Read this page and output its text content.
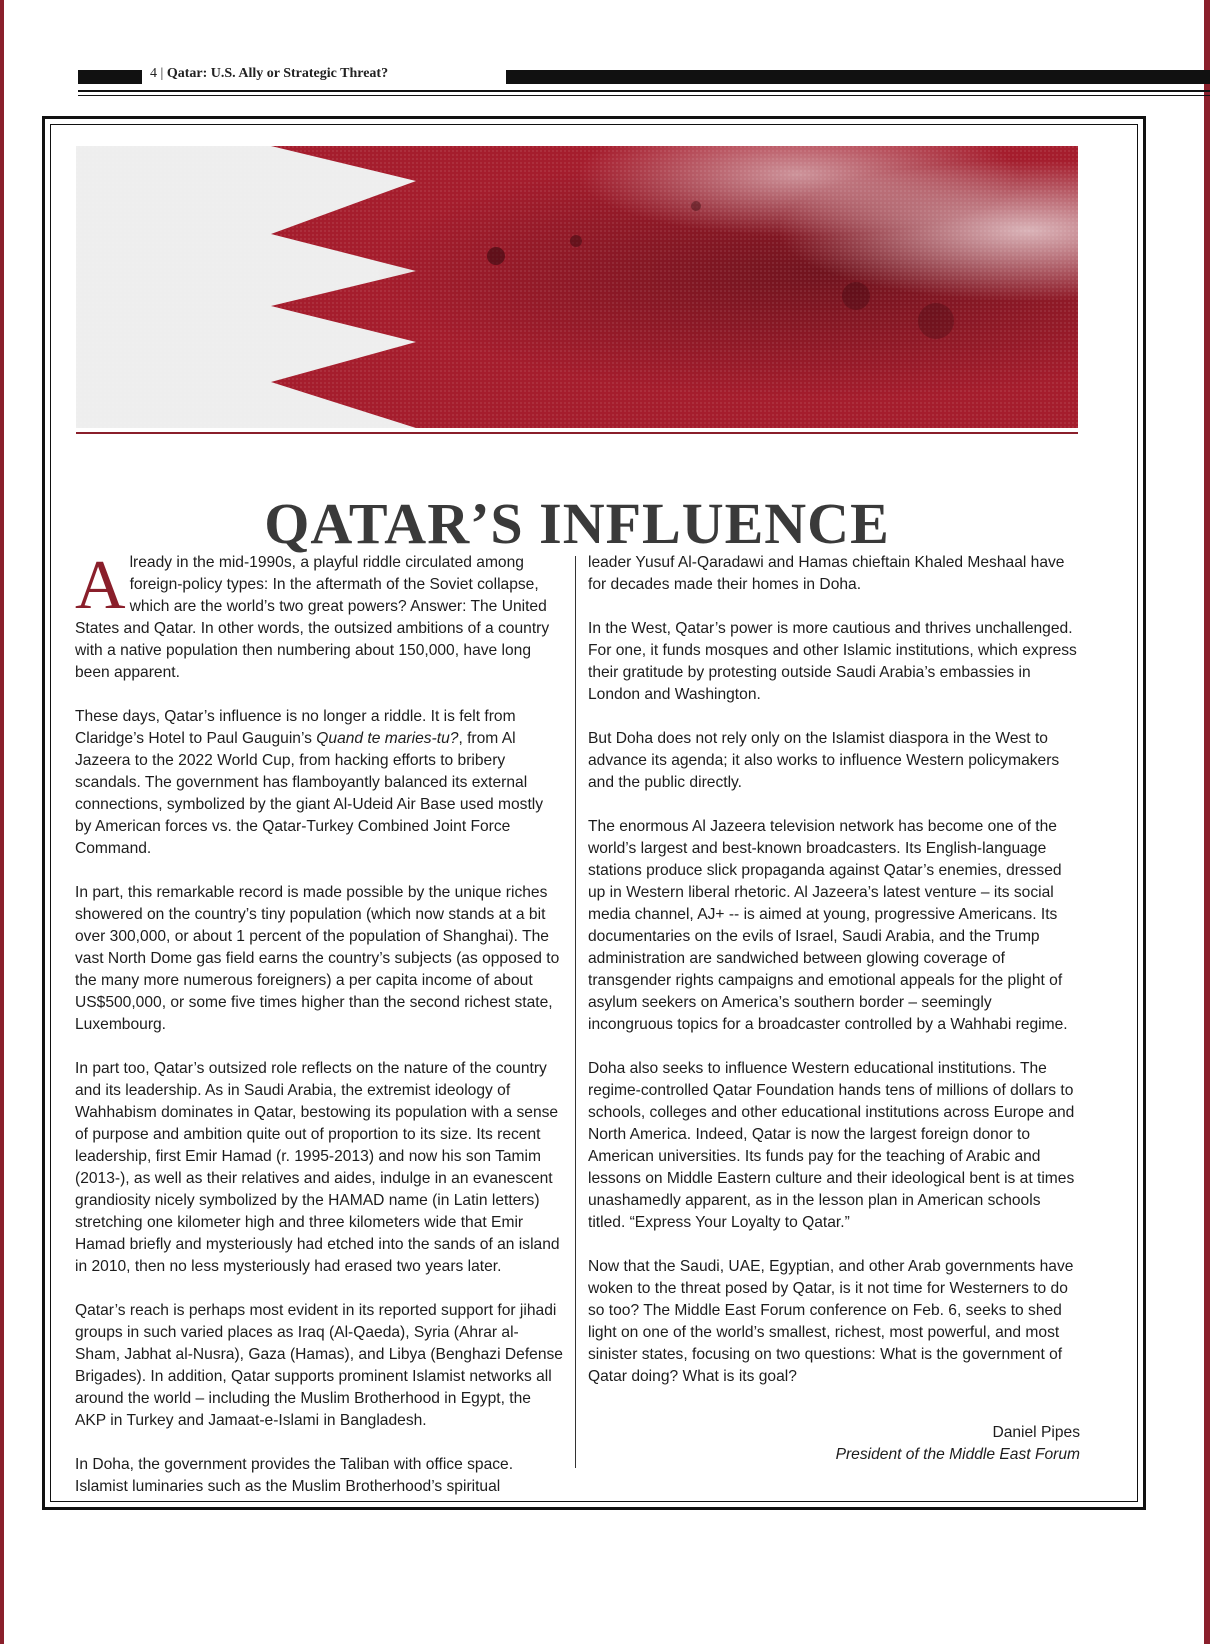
4 | Qatar: U.S. Ally or Strategic Threat?
QATAR’S INFLUENCE

Already in the mid-1990s, a playful riddle circulated among foreign-policy types: In the aftermath of the Soviet collapse, which are the world’s two great powers? Answer: The United States and Qatar. In other words, the outsized ambitions of a country with a native population then numbering about 150,000, have long been apparent.

These days, Qatar’s influence is no longer a riddle. It is felt from Claridge’s Hotel to Paul Gauguin’s Quand te maries-tu?, from Al Jazeera to the 2022 World Cup, from hacking efforts to bribery scandals. The government has flamboyantly balanced its external connections, symbolized by the giant Al-Udeid Air Base used mostly by American forces vs. the Qatar-Turkey Combined Joint Force Command.

In part, this remarkable record is made possible by the unique riches showered on the country’s tiny population (which now stands at a bit over 300,000, or about 1 percent of the population of Shanghai). The vast North Dome gas field earns the country’s subjects (as opposed to the many more numerous foreigners) a per capita income of about US$500,000, or some five times higher than the second richest state, Luxembourg.

In part too, Qatar’s outsized role reflects on the nature of the country and its leadership. As in Saudi Arabia, the extremist ideology of Wahhabism dominates in Qatar, bestowing its population with a sense of purpose and ambition quite out of proportion to its size. Its recent leadership, first Emir Hamad (r. 1995-2013) and now his son Tamim (2013-), as well as their relatives and aides, indulge in an evanescent grandiosity nicely symbolized by the HAMAD name (in Latin letters) stretching one kilometer high and three kilometers wide that Emir Hamad briefly and mysteriously had etched into the sands of an island in 2010, then no less mysteriously had erased two years later.

Qatar’s reach is perhaps most evident in its reported support for jihadi groups in such varied places as Iraq (Al-Qaeda), Syria (Ahrar al-Sham, Jabhat al-Nusra), Gaza (Hamas), and Libya (Benghazi Defense Brigades). In addition, Qatar supports prominent Islamist networks all around the world – including the Muslim Brotherhood in Egypt, the AKP in Turkey and Jamaat-e-Islami in Bangladesh.

In Doha, the government provides the Taliban with office space. Islamist luminaries such as the Muslim Brotherhood’s spiritual

leader Yusuf Al-Qaradawi and Hamas chieftain Khaled Meshaal have for decades made their homes in Doha.

In the West, Qatar’s power is more cautious and thrives unchallenged. For one, it funds mosques and other Islamic institutions, which express their gratitude by protesting outside Saudi Arabia’s embassies in London and Washington.

But Doha does not rely only on the Islamist diaspora in the West to advance its agenda; it also works to influence Western policymakers and the public directly.

The enormous Al Jazeera television network has become one of the world’s largest and best-known broadcasters. Its English-language stations produce slick propaganda against Qatar’s enemies, dressed up in Western liberal rhetoric. Al Jazeera’s latest venture – its social media channel, AJ+ -- is aimed at young, progressive Americans. Its documentaries on the evils of Israel, Saudi Arabia, and the Trump administration are sandwiched between glowing coverage of transgender rights campaigns and emotional appeals for the plight of asylum seekers on America’s southern border – seemingly incongruous topics for a broadcaster controlled by a Wahhabi regime.

Doha also seeks to influence Western educational institutions. The regime-controlled Qatar Foundation hands tens of millions of dollars to schools, colleges and other educational institutions across Europe and North America. Indeed, Qatar is now the largest foreign donor to American universities. Its funds pay for the teaching of Arabic and lessons on Middle Eastern culture and their ideological bent is at times unashamedly apparent, as in the lesson plan in American schools titled. “Express Your Loyalty to Qatar.”

Now that the Saudi, UAE, Egyptian, and other Arab governments have woken to the threat posed by Qatar, is it not time for Westerners to do so too? The Middle East Forum conference on Feb. 6, seeks to shed light on one of the world’s smallest, richest, most powerful, and most sinister states, focusing on two questions: What is the government of Qatar doing? What is its goal?

Daniel Pipes
President of the Middle East Forum
